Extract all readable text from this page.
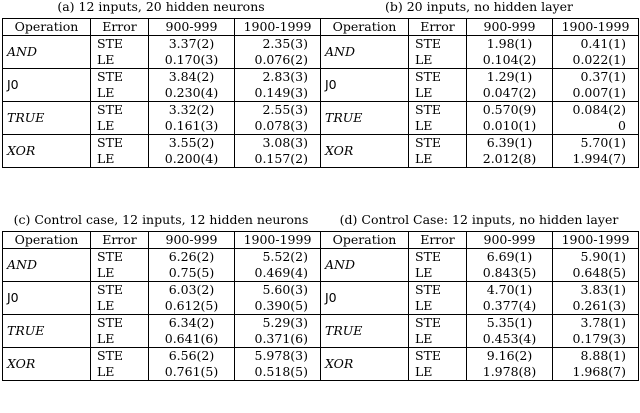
(a) 12 inputs, 20 hidden neurons
Operation	Error	900-999	1900-1999
AND	STE	3.37(2)	2.35(3)
	LE	0.170(3)	0.076(2)
J0	STE	3.84(2)	2.83(3)
	LE	0.230(4)	0.149(3)
TRUE	STE	3.32(2)	2.55(3)
	LE	0.161(3)	0.078(3)
XOR	STE	3.55(2)	3.08(3)
	LE	0.200(4)	0.157(2)
(b) 20 inputs, no hidden layer
Operation	Error	900-999	1900-1999
AND	STE	1.98(1)	0.41(1)
	LE	0.104(2)	0.022(1)
J0	STE	1.29(1)	0.37(1)
	LE	0.047(2)	0.007(1)
TRUE	STE	0.570(9)	0.084(2)
	LE	0.010(1)	0
XOR	STE	6.39(1)	5.70(1)
	LE	2.012(8)	1.994(7)
(c) Control case, 12 inputs, 12 hidden neurons
Operation	Error	900-999	1900-1999
AND	STE	6.26(2)	5.52(2)
	LE	0.75(5)	0.469(4)
J0	STE	6.03(2)	5.60(3)
	LE	0.612(5)	0.390(5)
TRUE	STE	6.34(2)	5.29(3)
	LE	0.641(6)	0.371(6)
XOR	STE	6.56(2)	5.978(3)
	LE	0.761(5)	0.518(5)
(d) Control Case: 12 inputs, no hidden layer
Operation	Error	900-999	1900-1999
AND	STE	6.69(1)	5.90(1)
	LE	0.843(5)	0.648(5)
J0	STE	4.70(1)	3.83(1)
	LE	0.377(4)	0.261(3)
TRUE	STE	5.35(1)	3.78(1)
	LE	0.453(4)	0.179(3)
XOR	STE	9.16(2)	8.88(1)
	LE	1.978(8)	1.968(7)
